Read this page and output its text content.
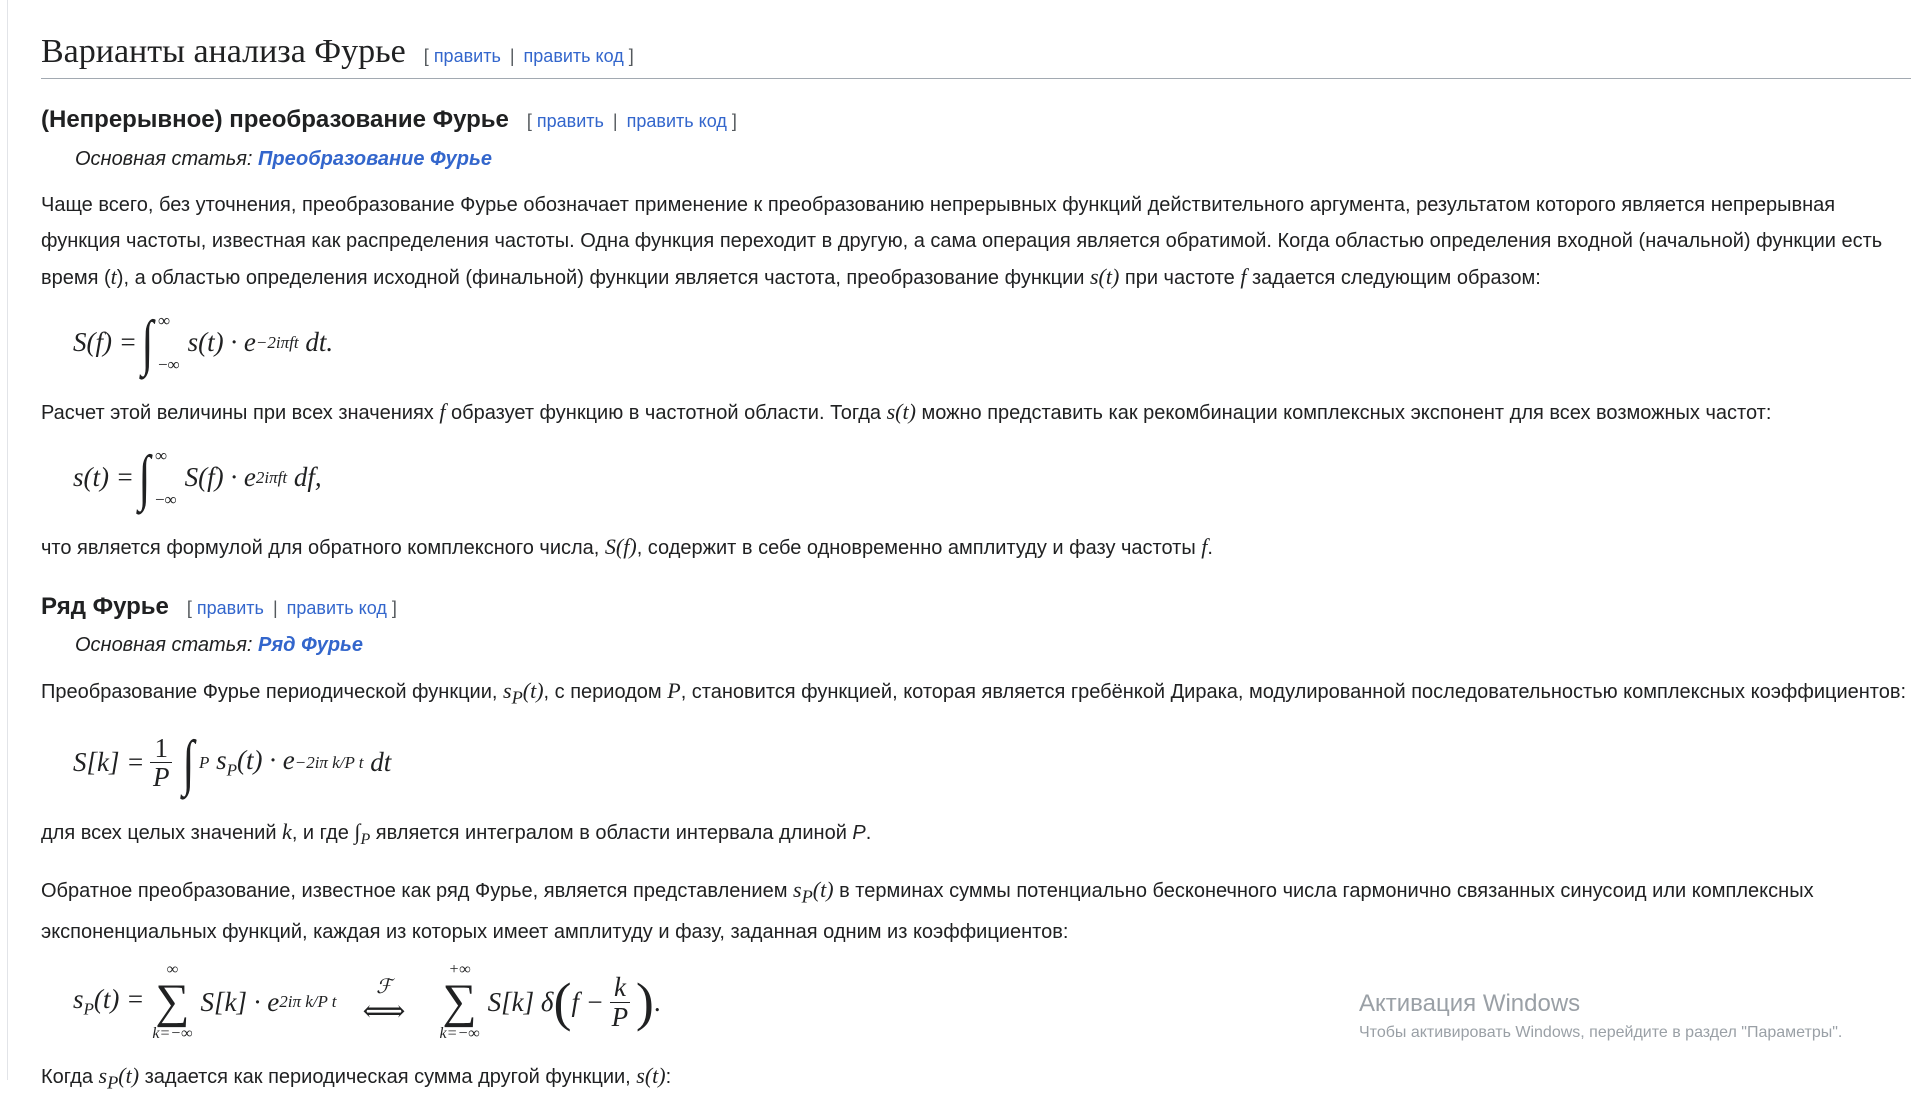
Варианты анализа Фурье [ править | править код ]
(Непрерывное) преобразование Фурье [ править | править код ]
Основная статья: Преобразование Фурье

Чаще всего, без уточнения, преобразование Фурье обозначает применение к преобразованию непрерывных функций действительного аргумента, результатом которого является непрерывная функция частоты, известная как распределения частоты. Одна функция переходит в другую, а сама операция является обратимой. Когда областью определения входной (начальной) функции есть время (t), а областью определения исходной (финальной) функции является частота, преобразование функции s(t) при частоте f задается следующим образом:

S(f) = ∫ ∞
−∞
s(t) · e −2iπft
dt.

Расчет этой величины при всех значениях f образует функцию в частотной области. Тогда s(t) можно представить как рекомбинации комплексных экспонент для всех возможных частот:

s(t) = ∫ ∞
−∞
S(f) · e 2iπft
df,

что является формулой для обратного комплексного числа, S(f), содержит в себе одновременно амплитуду и фазу частоты f.

Ряд Фурье [ править | править код ]
Основная статья: Ряд Фурье

Преобразование Фурье периодической функции, $s_P(t)$, с периодом P, становится функцией, которая является гребёнкой Дирака, модулированной последовательностью комплексных коэффициентов:

$S[k] = \frac{1}{P}$ ∫ P
$s_P(t) \cdot e -2i\pi$ k/P t
dt

для всех целых значений k, и где $\int_P$ является интегралом в области интервала длиной P.

Обратное преобразование, известное как ряд Фурье, является представлением $s_P(t)$ в терминах суммы потенциально бесконечного числа гармонично связанных синусоид или комплексных экспоненциальных функций, каждая из которых имеет амплитуду и фазу, заданная одним из коэффициентов:

$s_P(t)$ =
∞
∑
k=−∞
S[k] · e 2iπ k/P t
ℱ
⟺
+∞
∑
k=−∞
S[k] δ ( $f - \frac{k}{P}$ ) .

Когда $s_P(t)$ задается как периодическая сумма другой функции, s(t):

Активация Windows
Чтобы активировать Windows, перейдите в раздел "Параметры".
